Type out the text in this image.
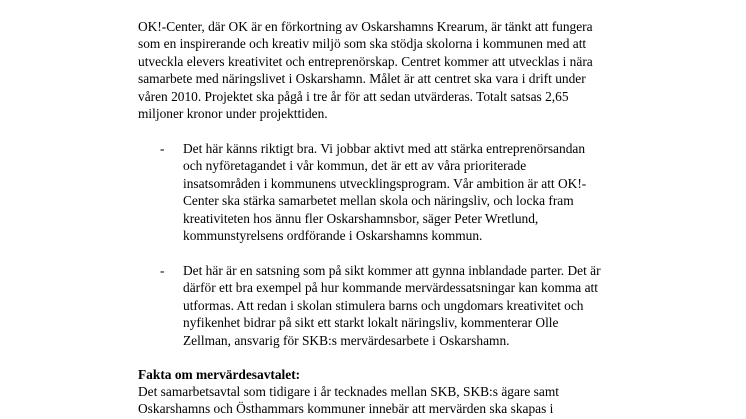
OK!-Center, där OK är en förkortning av Oskarshamns Krearum, är tänkt att fungera
som en inspirerande och kreativ miljö som ska stödja skolorna i kommunen med att
utveckla elevers kreativitet och entreprenörskap. Centret kommer att utvecklas i nära
samarbete med näringslivet i Oskarshamn. Målet är att centret ska vara i drift under
våren 2010. Projektet ska pågå i tre år för att sedan utvärderas. Totalt satsas 2,65
miljoner kronor under projekttiden.

- Det här känns riktigt bra. Vi jobbar aktivt med att stärka entreprenörsandan
och nyföretagandet i vår kommun, det är ett av våra prioriterade
insatsområden i kommunens utvecklingsprogram. Vår ambition är att OK!-
Center ska stärka samarbetet mellan skola och näringsliv, och locka fram
kreativiteten hos ännu fler Oskarshamnsbor, säger Peter Wretlund,
kommunstyrelsens ordförande i Oskarshamns kommun.

- Det här är en satsning som på sikt kommer att gynna inblandade parter. Det är
därför ett bra exempel på hur kommande mervärdessatsningar kan komma att
utformas. Att redan i skolan stimulera barns och ungdomars kreativitet och
nyfikenhet bidrar på sikt ett starkt lokalt näringsliv, kommenterar Olle
Zellman, ansvarig för SKB:s mervärdesarbete i Oskarshamn.

Fakta om mervärdesavtalet:

Det samarbetsavtal som tidigare i år tecknades mellan SKB, SKB:s ägare samt
Oskarshamns och Östhammars kommuner innebär att mervärden ska skapas i
